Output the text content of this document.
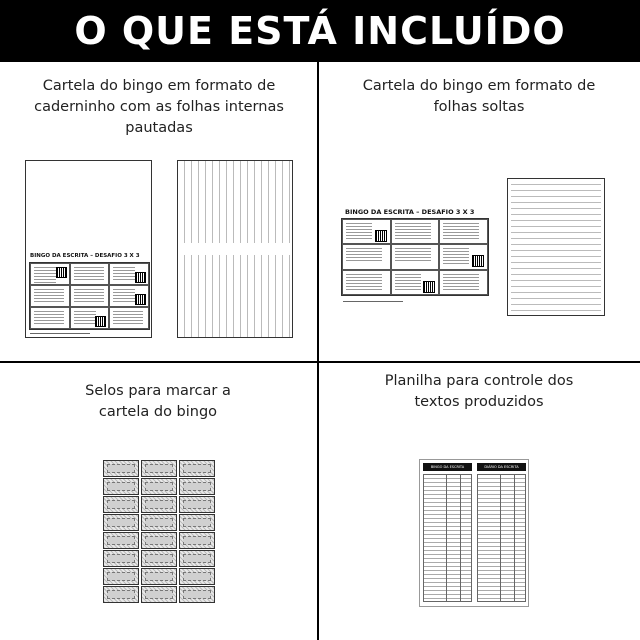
O QUE ESTÁ INCLUÍDO
Cartela do bingo em formato de caderninho com as folhas internas pautadas
BINGO DA ESCRITA – DESAFIO 3 X 3
Cartela do bingo em formato de folhas soltas
BINGO DA ESCRITA – DESAFIO 3 X 3
Selos para marcar a cartela do bingo
Planilha para controle dos textos produzidos
BINGO DA ESCRITA	DIÁRIO DA ESCRITA
